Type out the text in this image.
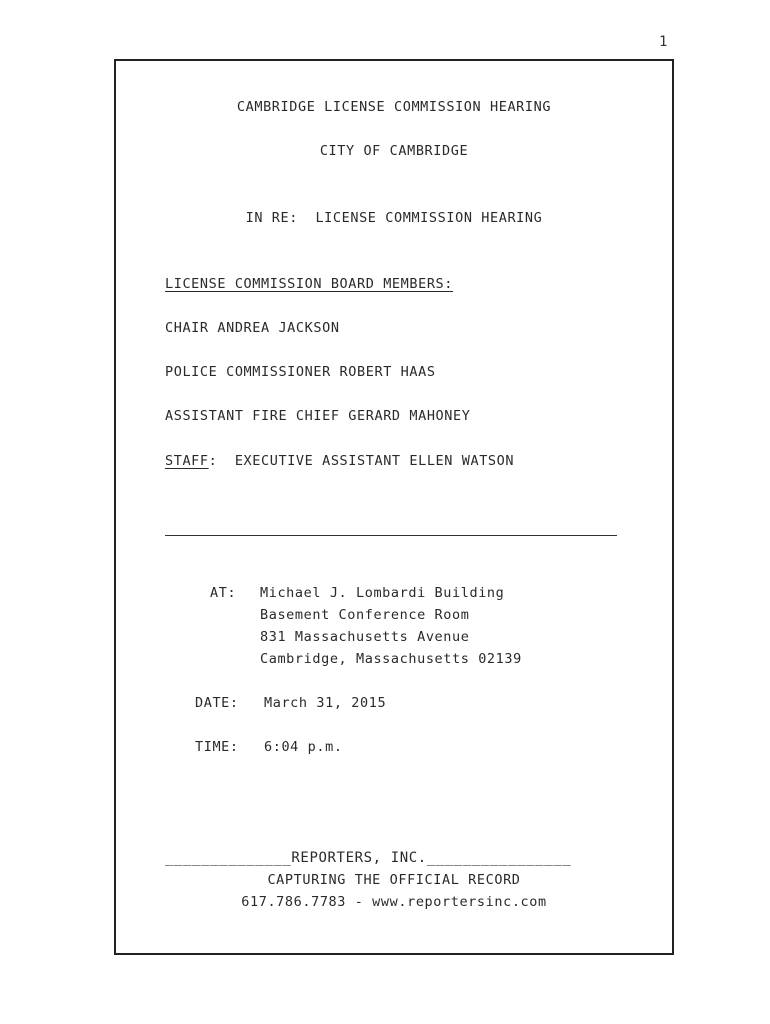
1
CAMBRIDGE LICENSE COMMISSION HEARING
CITY OF CAMBRIDGE
IN RE:  LICENSE COMMISSION HEARING
LICENSE COMMISSION BOARD MEMBERS:
CHAIR ANDREA JACKSON
POLICE COMMISSIONER ROBERT HAAS
ASSISTANT FIRE CHIEF GERARD MAHONEY
STAFF:  EXECUTIVE ASSISTANT ELLEN WATSON
AT: Michael J. Lombardi Building
Basement Conference Room
831 Massachusetts Avenue
Cambridge, Massachusetts 02139
DATE: March 31, 2015
TIME: 6:04 p.m.
______________REPORTERS, INC.________________
CAPTURING THE OFFICIAL RECORD
617.786.7783 - www.reportersinc.com
